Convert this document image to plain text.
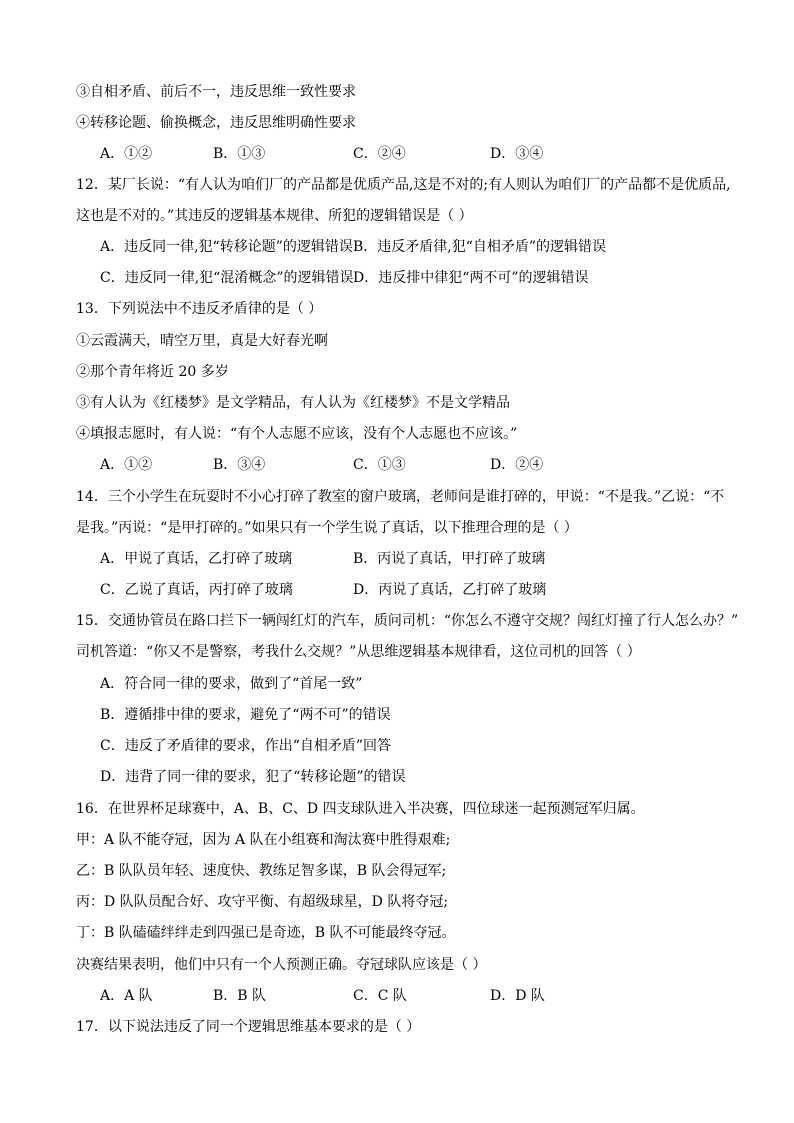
③自相矛盾、前后不一，违反思维一致性要求
④转移论题、偷换概念，违反思维明确性要求
A．①②	B．①③	C．②④	D．③④
12．某厂长说：“有人认为咱们厂的产品都是优质产品,这是不对的;有人则认为咱们厂的产品都不是优质品,
这也是不对的。”其违反的逻辑基本规律、所犯的逻辑错误是（ ）
A．违反同一律,犯“转移论题”的逻辑错误 B．违反矛盾律,犯“自相矛盾”的逻辑错误
C．违反同一律,犯“混淆概念”的逻辑错误 D．违反排中律犯“两不可”的逻辑错误
13．下列说法中不违反矛盾律的是（ ）
①云霞满天，晴空万里，真是大好春光啊
②那个青年将近 20 多岁
③有人认为《红楼梦》是文学精品，有人认为《红楼梦》不是文学精品
④填报志愿时，有人说：“有个人志愿不应该，没有个人志愿也不应该。”
A．①②	B．③④	C．①③	D．②④
14．三个小学生在玩耍时不小心打碎了教室的窗户玻璃，老师问是谁打碎的，甲说：“不是我。”乙说：“不
是我。”丙说：“是甲打碎的。”如果只有一个学生说了真话，以下推理合理的是（ ）
A．甲说了真话，乙打碎了玻璃	B．丙说了真话，甲打碎了玻璃
C．乙说了真话，丙打碎了玻璃	D．丙说了真话，乙打碎了玻璃
15．交通协管员在路口拦下一辆闯红灯的汽车，质问司机：“你怎么不遵守交规？闯红灯撞了行人怎么办？”
司机答道：“你又不是警察，考我什么交规？”从思维逻辑基本规律看，这位司机的回答（ ）
A．符合同一律的要求，做到了“首尾一致”
B．遵循排中律的要求，避免了“两不可”的错误
C．违反了矛盾律的要求，作出“自相矛盾”回答
D．违背了同一律的要求，犯了“转移论题”的错误
16．在世界杯足球赛中，A、B、C、D 四支球队进入半决赛，四位球迷一起预测冠军归属。
甲：A 队不能夺冠，因为 A 队在小组赛和淘汰赛中胜得艰难;
乙：B 队队员年轻、速度快、教练足智多谋，B 队会得冠军;
丙：D 队队员配合好、攻守平衡、有超级球星，D 队将夺冠;
丁：B 队磕磕绊绊走到四强已是奇迹，B 队不可能最终夺冠。
决赛结果表明，他们中只有一个人预测正确。夺冠球队应该是（ ）
A．A 队	B．B 队	C．C 队	D．D 队
17．以下说法违反了同一个逻辑思维基本要求的是（ ）
